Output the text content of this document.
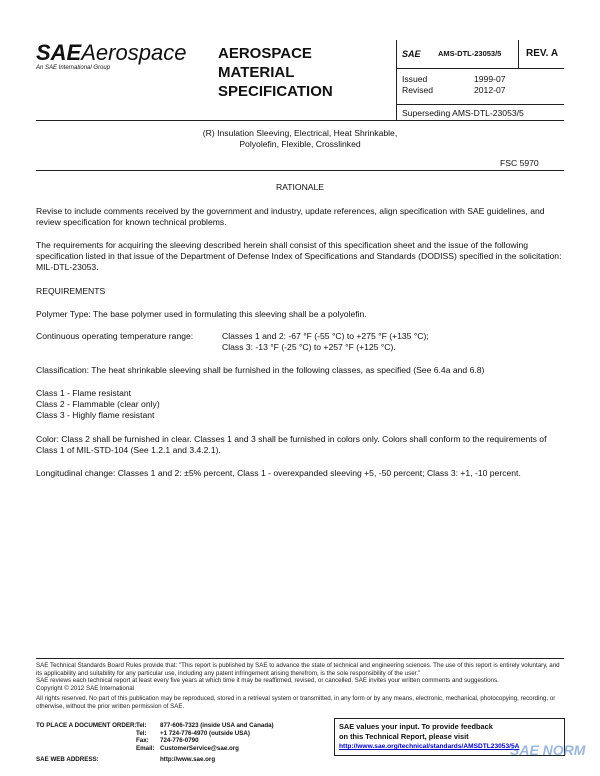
SAEAerospace
An SAE International Group
AEROSPACE
MATERIAL
SPECIFICATION
SAE AMS-DTL-23053/5 REV. A
Issued	1999-07
Revised	2012-07
Superseding AMS-DTL-23053/5
(R) Insulation Sleeving, Electrical, Heat Shrinkable,
Polyolefin, Flexible, Crosslinked
FSC 5970
RATIONALE
Revise to include comments received by the government and industry, update references, align specification with SAE guidelines, and review specification for known technical problems.
The requirements for acquiring the sleeving described herein shall consist of this specification sheet and the issue of the following specification listed in that issue of the Department of Defense Index of Specifications and Standards (DODISS) specified in the solicitation: MIL-DTL-23053.
REQUIREMENTS
Polymer Type: The base polymer used in formulating this sleeving shall be a polyolefin.
Continuous operating temperature range:	Classes 1 and 2: -67 °F (-55 °C) to +275 °F (+135 °C);
Class 3: -13 °F (-25 °C) to +257 °F (+125 °C).
Classification: The heat shrinkable sleeving shall be furnished in the following classes, as specified (See 6.4a and 6.8)
Class 1 - Flame resistant
Class 2 - Flammable (clear only)
Class 3 - Highly flame resistant
Color: Class 2 shall be furnished in clear. Classes 1 and 3 shall be furnished in colors only. Colors shall conform to the requirements of Class 1 of MIL-STD-104 (See 1.2.1 and 3.4.2.1).
Longitudinal change: Classes 1 and 2: ±5% percent, Class 1 - overexpanded sleeving +5, -50 percent; Class 3: +1, -10 percent.
SAE Technical Standards Board Rules provide that: "This report is published by SAE to advance the state of technical and engineering sciences. The use of this report is entirely voluntary, and its applicability and suitability for any particular use, including any patent infringement arising therefrom, is the sole responsibility of the user."
SAE reviews each technical report at least every five years at which time it may be reaffirmed, revised, or cancelled. SAE invites your written comments and suggestions.
Copyright © 2012 SAE International
All rights reserved. No part of this publication may be reproduced, stored in a retrieval system or transmitted, in any form or by any means, electronic, mechanical, photocopying, recording, or otherwise, without the prior written permission of SAE.
TO PLACE A DOCUMENT ORDER: Tel: 877-606-7323 (inside USA and Canada)
Tel: +1 724-776-4970 (outside USA)
Fax: 724-776-0790
Email: CustomerService@sae.org
SAE WEB ADDRESS:	http://www.sae.org
SAE values your input. To provide feedback
on this Technical Report, please visit
http://www.sae.org/technical/standards/AMSDTL23053/5A
SAE NORM
